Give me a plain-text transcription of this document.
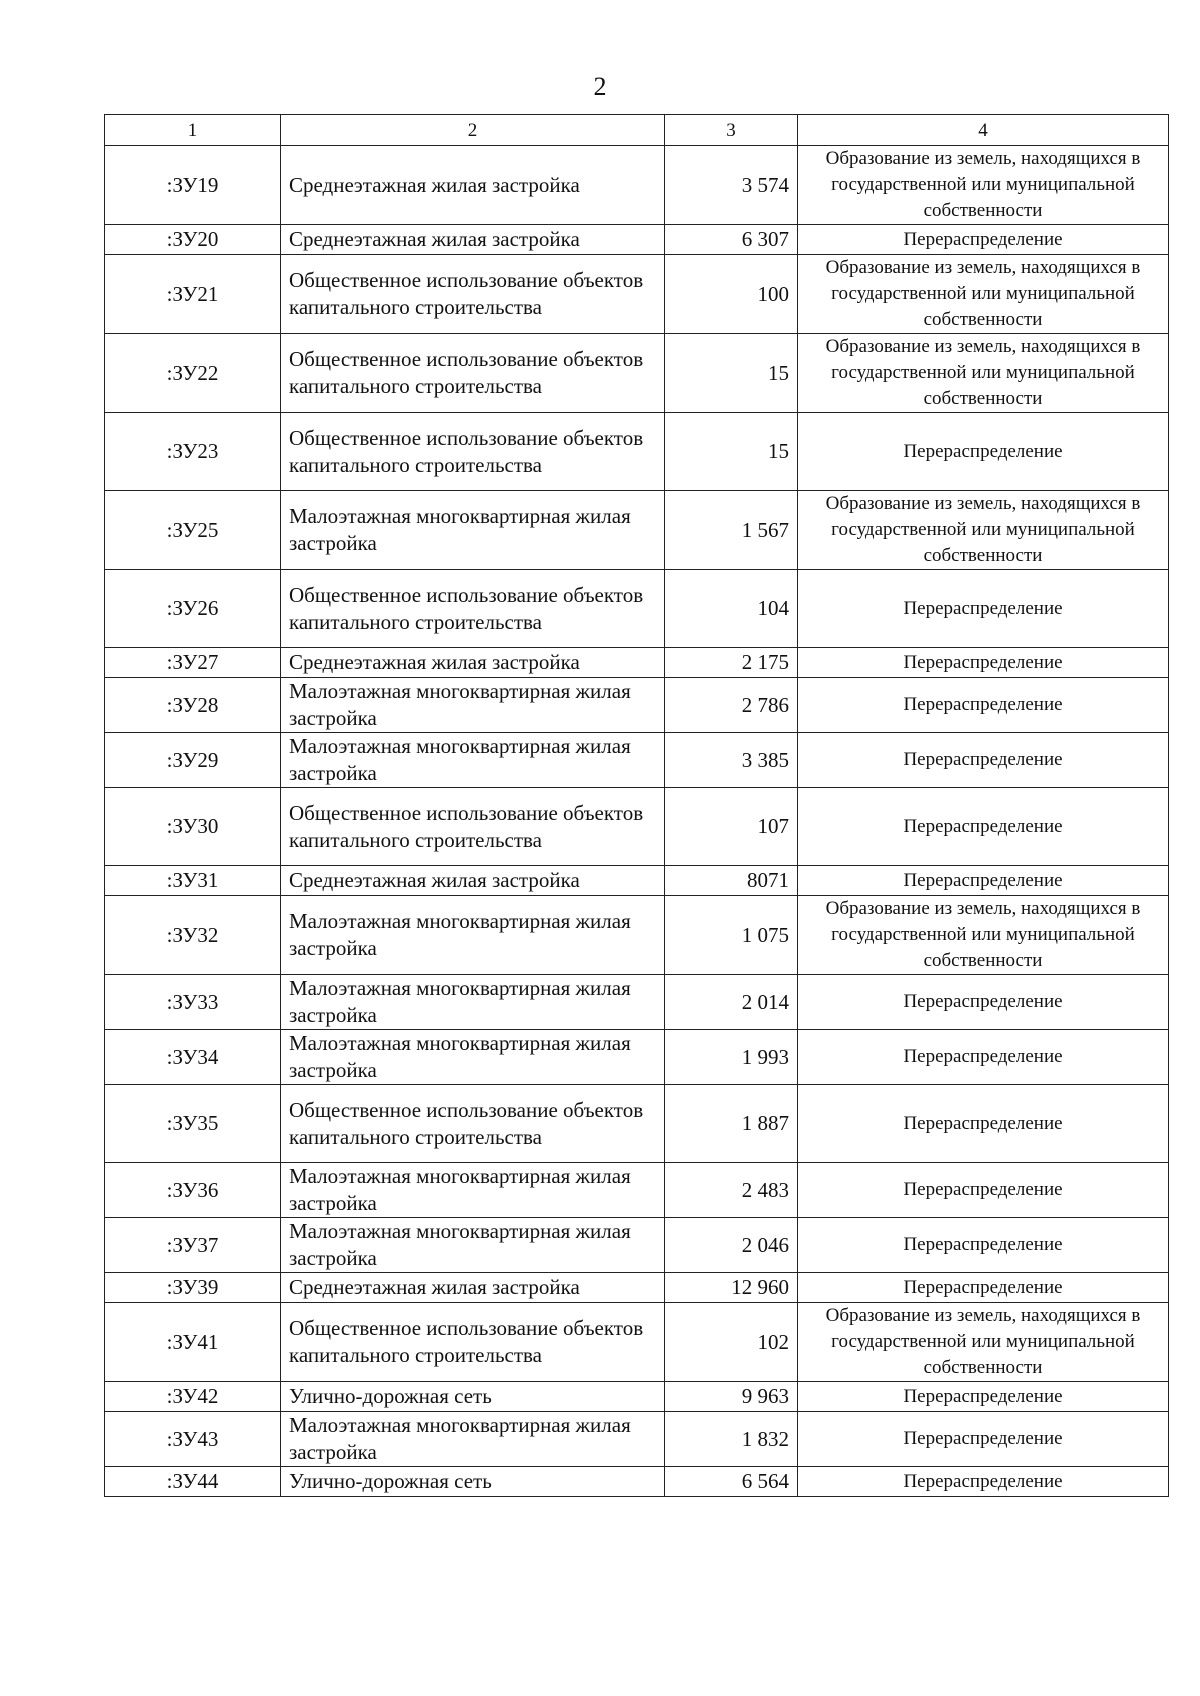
2
1	2	3	4
:ЗУ19	Среднеэтажная жилая застройка	3 574	Образование из земель, находящихся в государственной или муниципальной собственности
:ЗУ20	Среднеэтажная жилая застройка	6 307	Перераспределение
:ЗУ21	Общественное использование объектов капитального строительства	100	Образование из земель, находящихся в государственной или муниципальной собственности
:ЗУ22	Общественное использование объектов капитального строительства	15	Образование из земель, находящихся в государственной или муниципальной собственности
:ЗУ23	Общественное использование объектов капитального строительства	15	Перераспределение
:ЗУ25	Малоэтажная многоквартирная жилая застройка	1 567	Образование из земель, находящихся в государственной или муниципальной собственности
:ЗУ26	Общественное использование объектов капитального строительства	104	Перераспределение
:ЗУ27	Среднеэтажная жилая застройка	2 175	Перераспределение
:ЗУ28	Малоэтажная многоквартирная жилая застройка	2 786	Перераспределение
:ЗУ29	Малоэтажная многоквартирная жилая застройка	3 385	Перераспределение
:ЗУ30	Общественное использование объектов капитального строительства	107	Перераспределение
:ЗУ31	Среднеэтажная жилая застройка	8071	Перераспределение
:ЗУ32	Малоэтажная многоквартирная жилая застройка	1 075	Образование из земель, находящихся в государственной или муниципальной собственности
:ЗУ33	Малоэтажная многоквартирная жилая застройка	2 014	Перераспределение
:ЗУ34	Малоэтажная многоквартирная жилая застройка	1 993	Перераспределение
:ЗУ35	Общественное использование объектов капитального строительства	1 887	Перераспределение
:ЗУ36	Малоэтажная многоквартирная жилая застройка	2 483	Перераспределение
:ЗУ37	Малоэтажная многоквартирная жилая застройка	2 046	Перераспределение
:ЗУ39	Среднеэтажная жилая застройка	12 960	Перераспределение
:ЗУ41	Общественное использование объектов капитального строительства	102	Образование из земель, находящихся в государственной или муниципальной собственности
:ЗУ42	Улично-дорожная сеть	9 963	Перераспределение
:ЗУ43	Малоэтажная многоквартирная жилая застройка	1 832	Перераспределение
:ЗУ44	Улично-дорожная сеть	6 564	Перераспределение
